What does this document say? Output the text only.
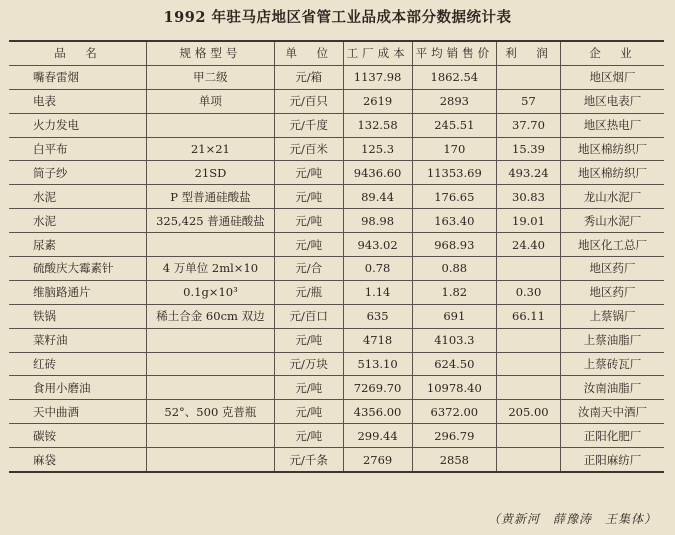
1992 年驻马店地区省管工业品成本部分数据统计表
品　名	规格型号	单　位	工厂成本	平均销售价	利　润	企　业
嘴春雷烟	甲二级	元/箱	1137.98	1862.54		地区烟厂
电表	单项	元/百只	2619	2893	57	地区电表厂
火力发电		元/千度	132.58	245.51	37.70	地区热电厂
白平布	21×21	元/百米	125.3	170	15.39	地区棉纺织厂
筒子纱	21SD	元/吨	9436.60	11353.69	493.24	地区棉纺织厂
水泥	P 型普通硅酸盐	元/吨	89.44	176.65	30.83	龙山水泥厂
水泥	325,425 普通硅酸盐	元/吨	98.98	163.40	19.01	秀山水泥厂
尿素		元/吨	943.02	968.93	24.40	地区化工总厂
硫酸庆大霉素针	4 万单位 2ml×10	元/合	0.78	0.88		地区药厂
维脑路通片	0.1g×10³	元/瓶	1.14	1.82	0.30	地区药厂
铁锅	稀土合金 60cm 双边	元/百口	635	691	66.11	上蔡锅厂
菜籽油		元/吨	4718	4103.3		上蔡油脂厂
红砖		元/万块	513.10	624.50		上蔡砖瓦厂
食用小磨油		元/吨	7269.70	10978.40		汝南油脂厂
天中曲酒	52°、500 克普瓶	元/吨	4356.00	6372.00	205.00	汝南天中酒厂
碳铵		元/吨	299.44	296.79		正阳化肥厂
麻袋		元/千条	2769	2858		正阳麻纺厂
（黄新河　薛豫涛　王集体）
